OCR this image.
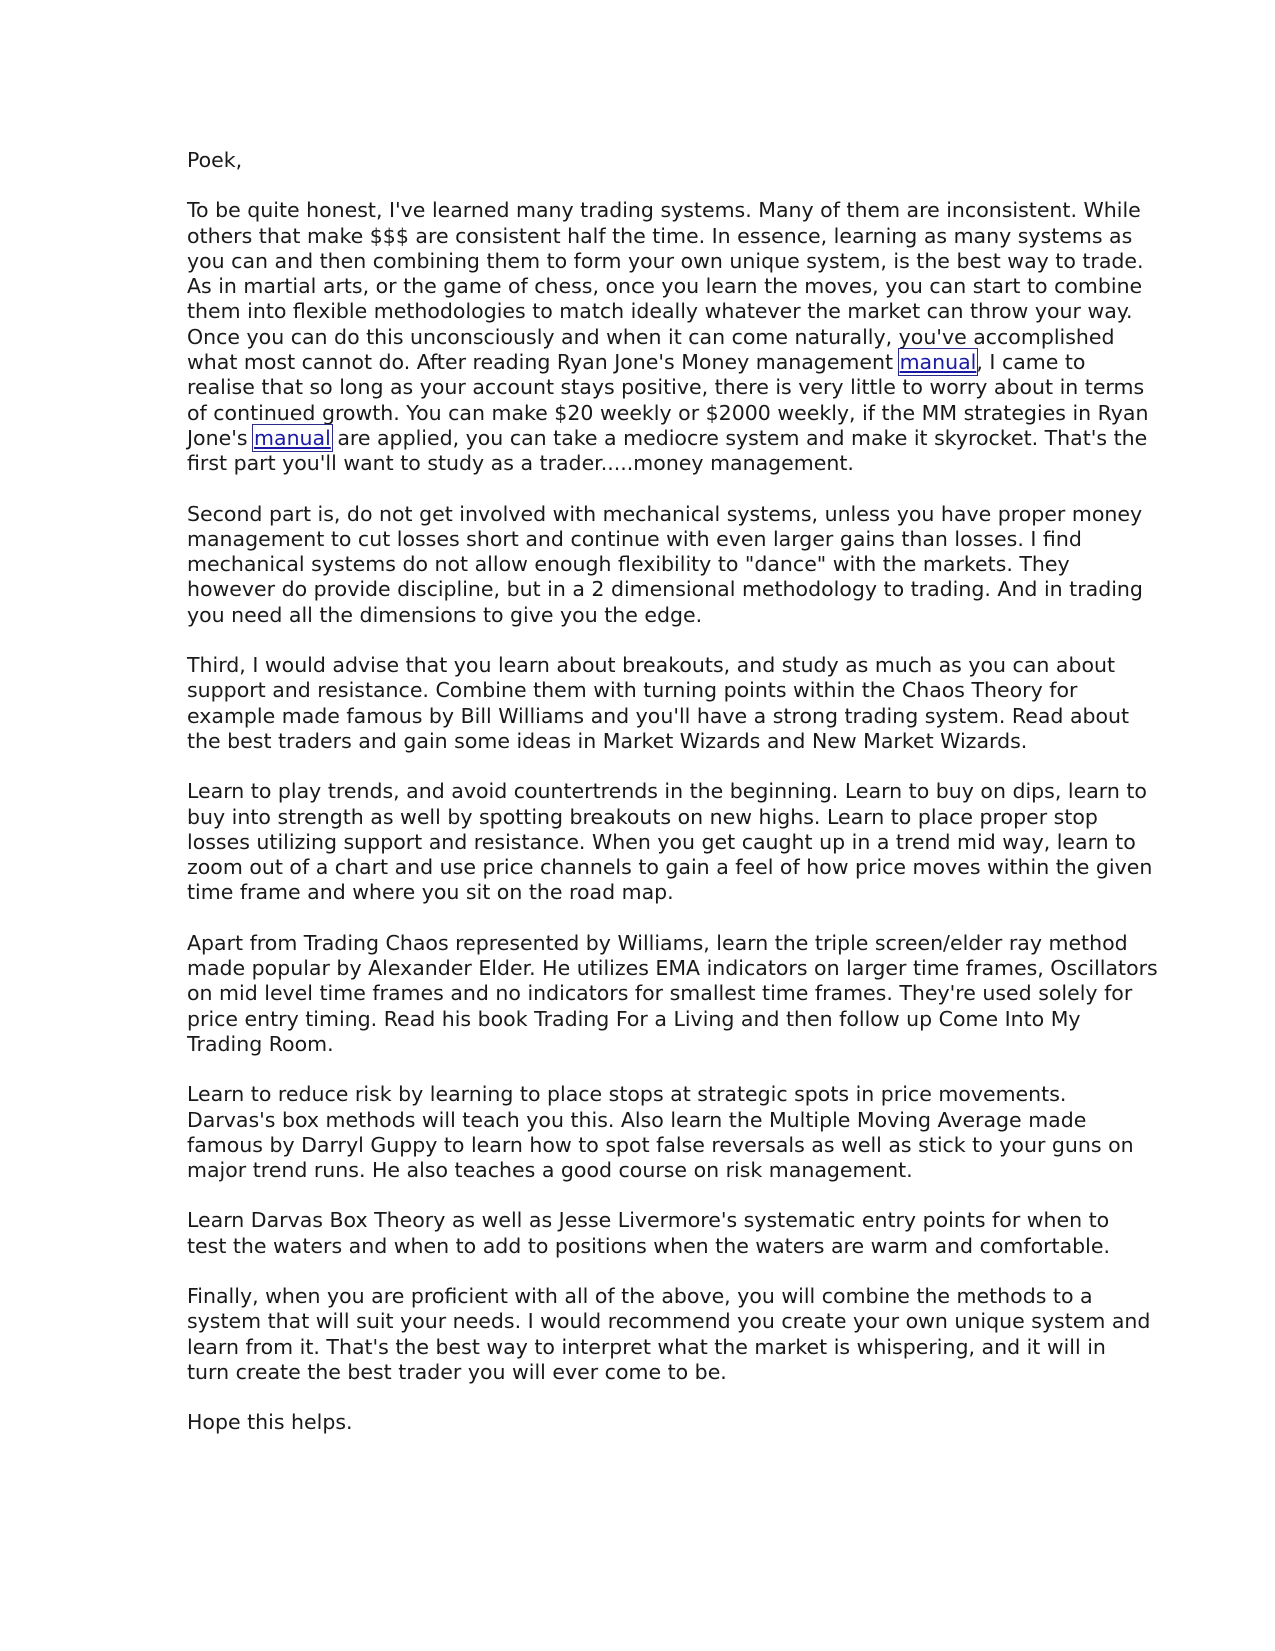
Poek,

To be quite honest, I've learned many trading systems. Many of them are inconsistent. While
others that make $$$ are consistent half the time. In essence, learning as many systems as
you can and then combining them to form your own unique system, is the best way to trade.
As in martial arts, or the game of chess, once you learn the moves, you can start to combine
them into flexible methodologies to match ideally whatever the market can throw your way.
Once you can do this unconsciously and when it can come naturally, you've accomplished
what most cannot do. After reading Ryan Jone's Money management manual, I came to
realise that so long as your account stays positive, there is very little to worry about in terms
of continued growth. You can make $20 weekly or $2000 weekly, if the MM strategies in Ryan
Jone's manual are applied, you can take a mediocre system and make it skyrocket. That's the
first part you'll want to study as a trader.....money management.

Second part is, do not get involved with mechanical systems, unless you have proper money
management to cut losses short and continue with even larger gains than losses. I find
mechanical systems do not allow enough flexibility to "dance" with the markets. They
however do provide discipline, but in a 2 dimensional methodology to trading. And in trading
you need all the dimensions to give you the edge.

Third, I would advise that you learn about breakouts, and study as much as you can about
support and resistance. Combine them with turning points within the Chaos Theory for
example made famous by Bill Williams and you'll have a strong trading system. Read about
the best traders and gain some ideas in Market Wizards and New Market Wizards.

Learn to play trends, and avoid countertrends in the beginning. Learn to buy on dips, learn to
buy into strength as well by spotting breakouts on new highs. Learn to place proper stop
losses utilizing support and resistance. When you get caught up in a trend mid way, learn to
zoom out of a chart and use price channels to gain a feel of how price moves within the given
time frame and where you sit on the road map.

Apart from Trading Chaos represented by Williams, learn the triple screen/elder ray method
made popular by Alexander Elder. He utilizes EMA indicators on larger time frames, Oscillators
on mid level time frames and no indicators for smallest time frames. They're used solely for
price entry timing. Read his book Trading For a Living and then follow up Come Into My
Trading Room.

Learn to reduce risk by learning to place stops at strategic spots in price movements.
Darvas's box methods will teach you this. Also learn the Multiple Moving Average made
famous by Darryl Guppy to learn how to spot false reversals as well as stick to your guns on
major trend runs. He also teaches a good course on risk management.

Learn Darvas Box Theory as well as Jesse Livermore's systematic entry points for when to
test the waters and when to add to positions when the waters are warm and comfortable.

Finally, when you are proficient with all of the above, you will combine the methods to a
system that will suit your needs. I would recommend you create your own unique system and
learn from it. That's the best way to interpret what the market is whispering, and it will in
turn create the best trader you will ever come to be.

Hope this helps.
